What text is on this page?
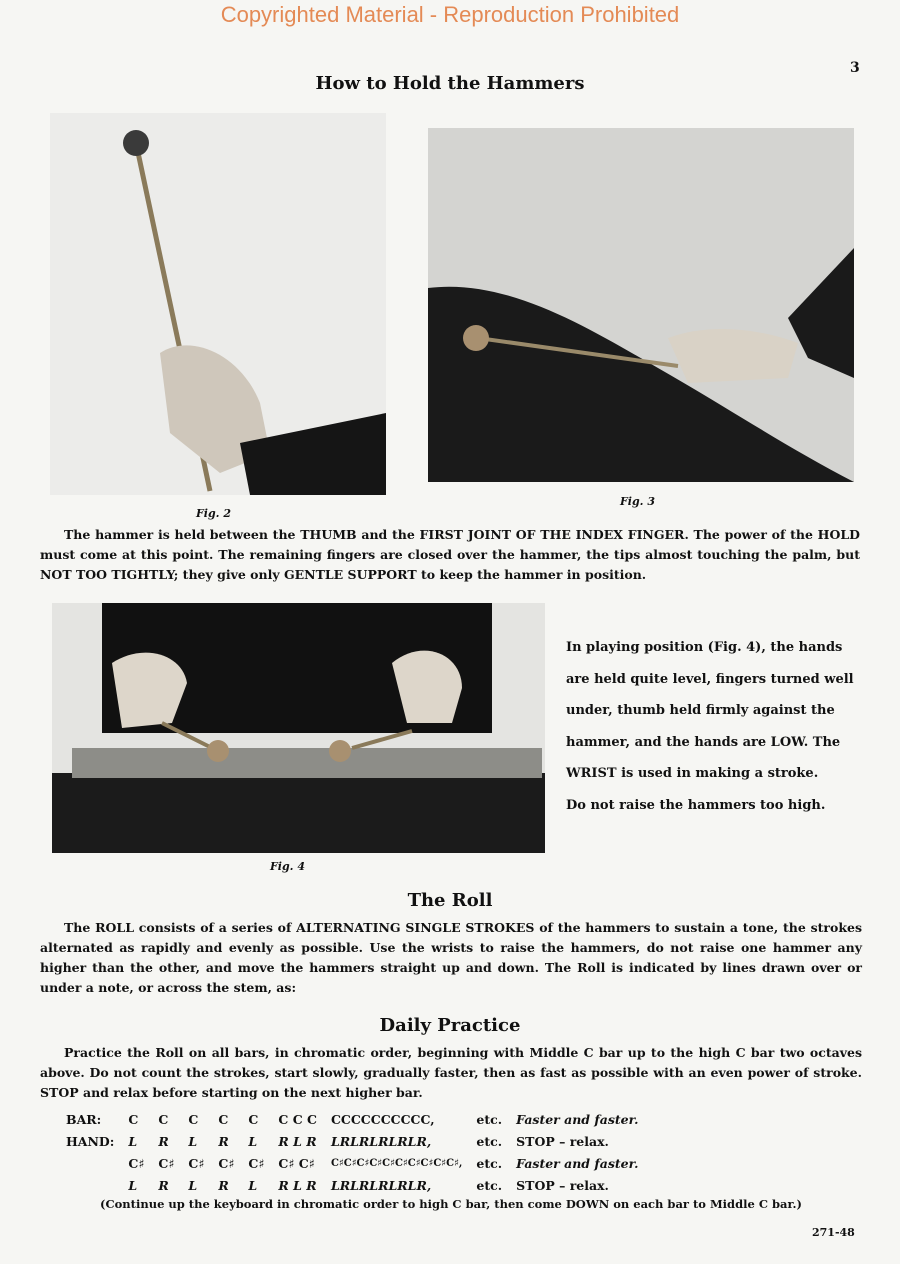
Copyrighted Material - Reproduction Prohibited
3
How to Hold the Hammers
Fig. 2
Fig. 3

The hammer is held between the THUMB and the FIRST JOINT OF THE INDEX FINGER. The power of the HOLD must come at this point. The remaining fingers are closed over the hammer, the tips almost touching the palm, but NOT TOO TIGHTLY; they give only GENTLE SUPPORT to keep the hammer in position.

In playing position (Fig. 4), the hands

are held quite level, fingers turned well

under, thumb held firmly against the

hammer, and the hands are LOW. The

WRIST is used in making a stroke.

Do not raise the hammers too high.

Fig. 4
The Roll

The ROLL consists of a series of ALTERNATING SINGLE STROKES of the hammers to sustain a tone, the strokes alternated as rapidly and evenly as possible. Use the wrists to raise the hammers, do not raise one hammer any higher than the other, and move the hammers straight up and down. The Roll is indicated by lines drawn over or under a note, or across the stem, as:

Daily Practice

Practice the Roll on all bars, in chromatic order, beginning with Middle C bar up to the high C bar two octaves above. Do not count the strokes, start slowly, gradually faster, then as fast as possible with an even power of stroke. STOP and relax before starting on the next higher bar.

BAR:	C	C	C	C	C	C C C	CCCCCCCCCC,	etc.	Faster and faster.
HAND:	L	R	L	R	L	R L R	LRLRLRLRLR,	etc.	STOP – relax.
	C♯	C♯	C♯	C♯	C♯	C♯ C♯	C♯C♯C♯C♯C♯C♯C♯C♯C♯C♯,	etc.	Faster and faster.
	L	R	L	R	L	R L R	LRLRLRLRLR,	etc.	STOP – relax.
(Continue up the keyboard in chromatic order to high C bar, then come DOWN on each bar to Middle C bar.)
271-48
